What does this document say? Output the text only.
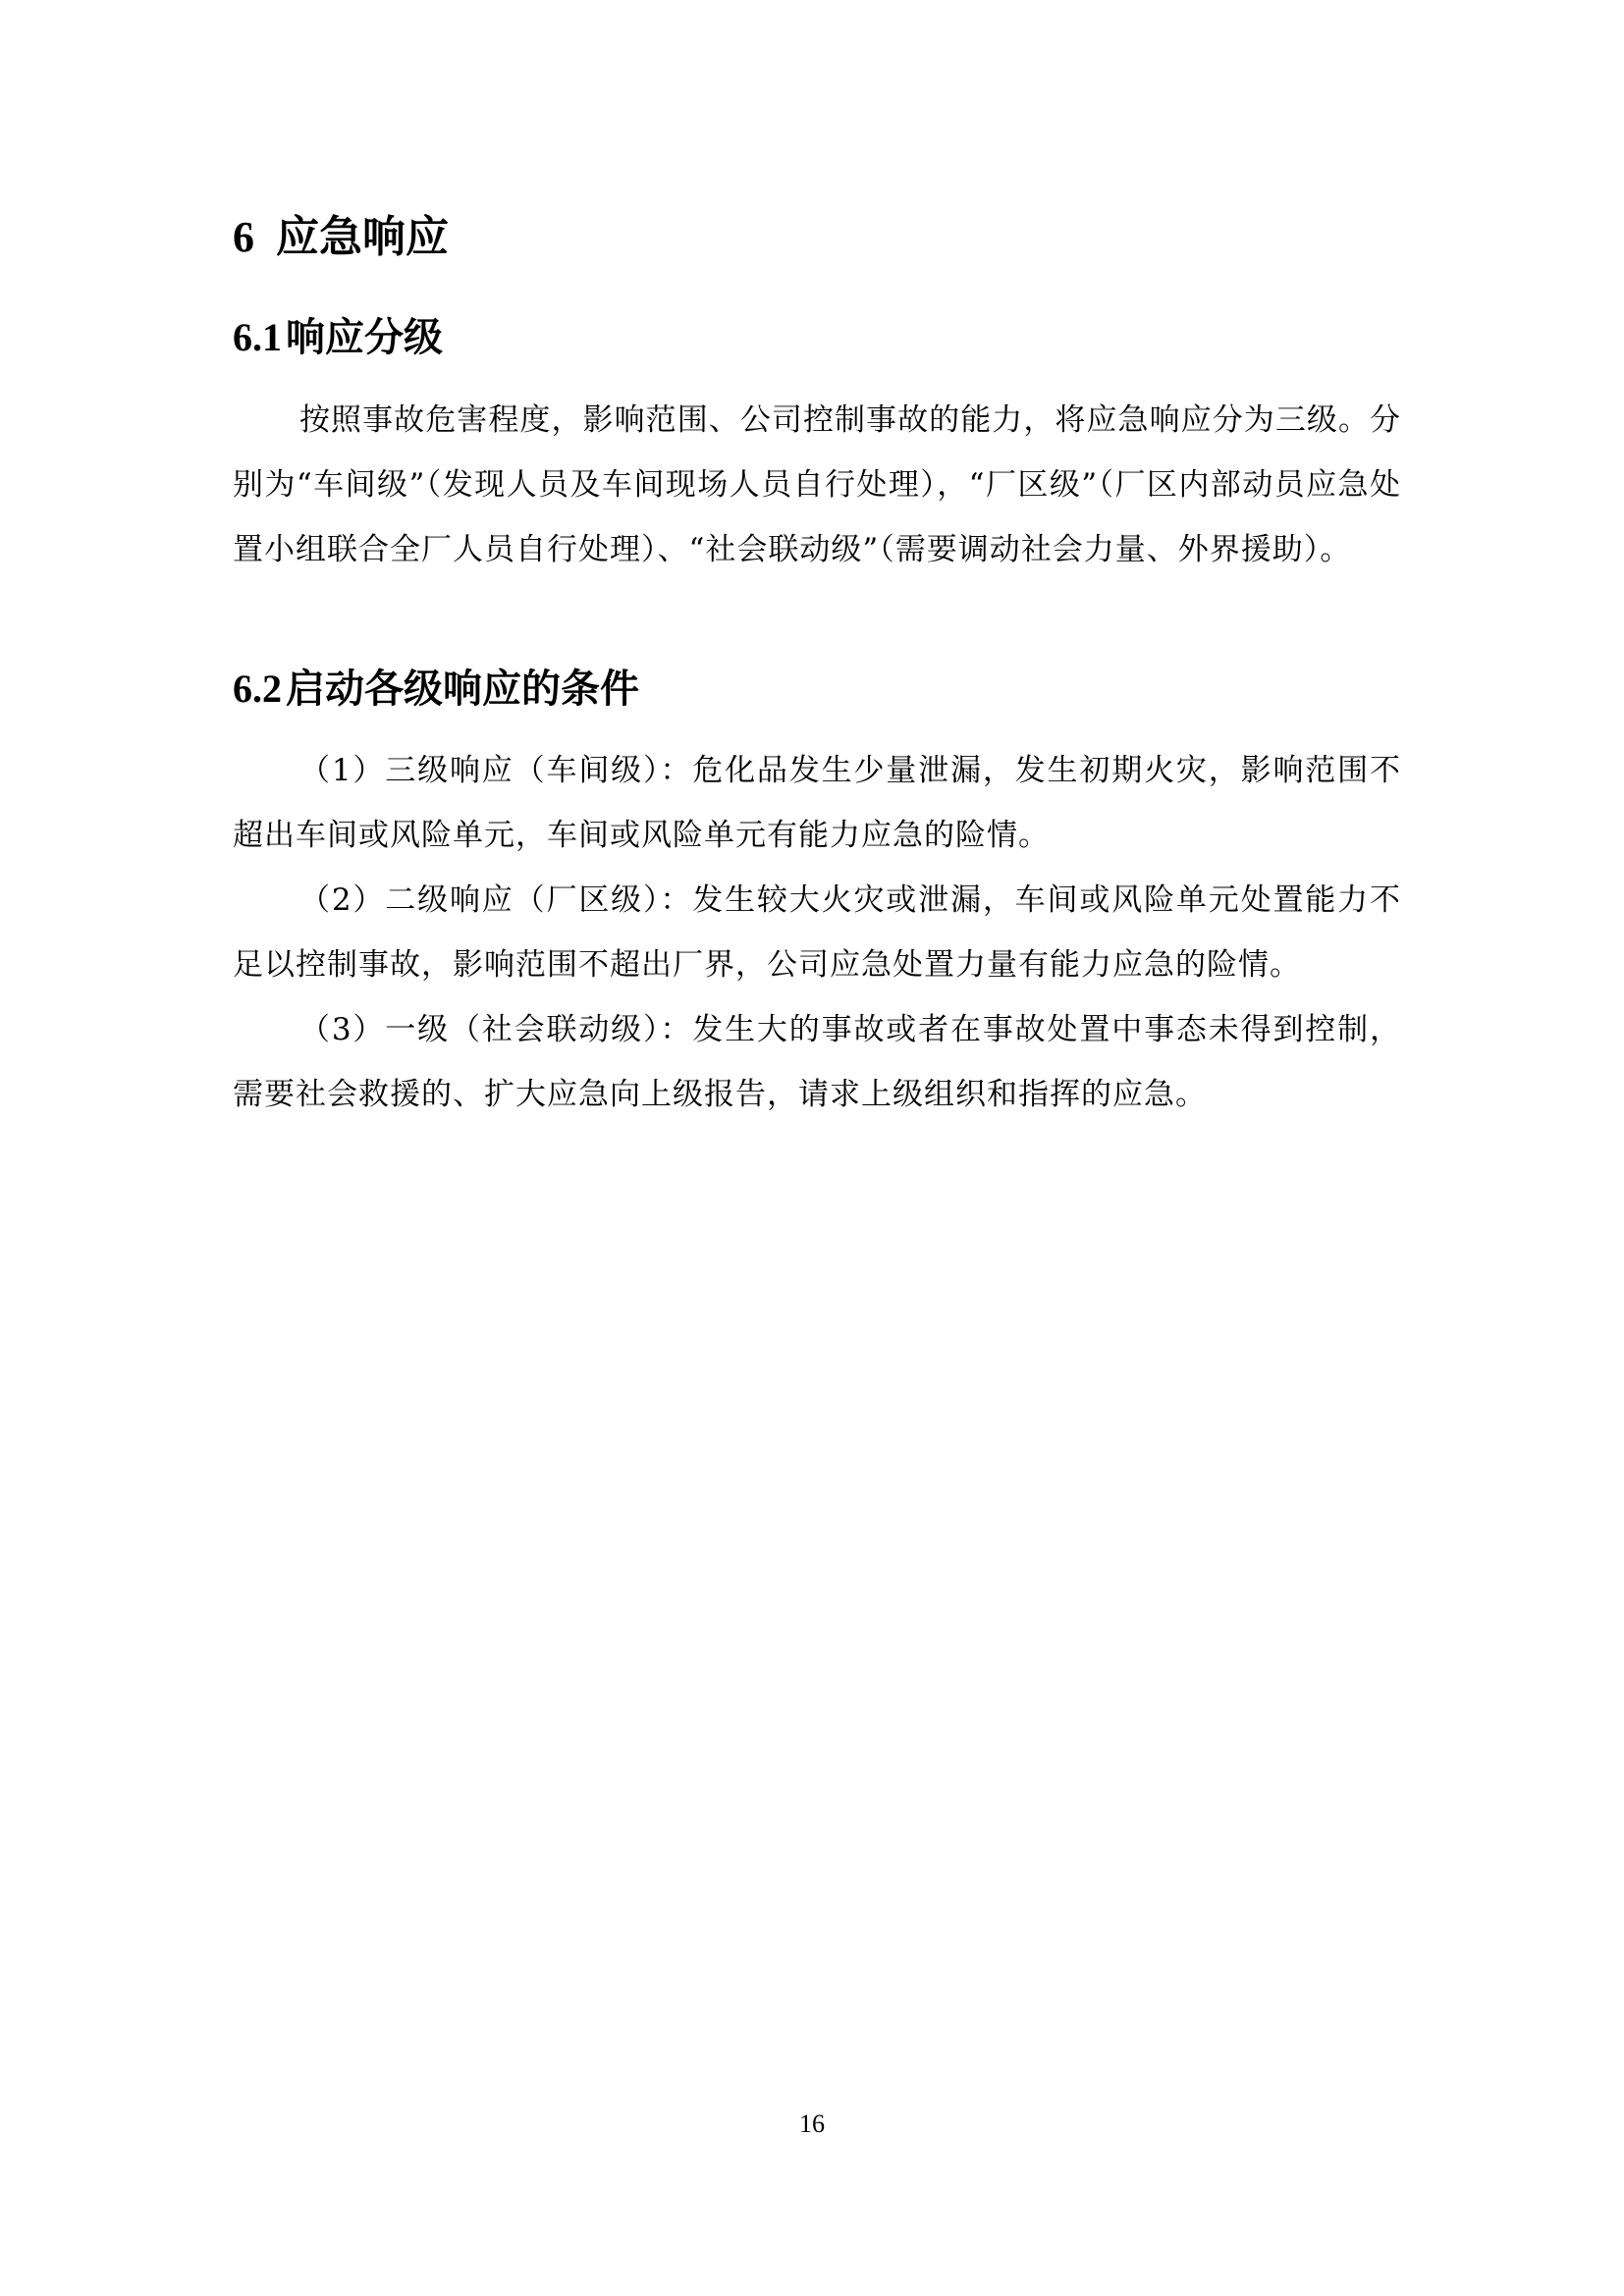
6 应急响应
6.1 响应分级

按照事故危害程度，影响范围、公司控制事故的能力，将应急响应分为三级。分别为“车间级”（发现人员及车间现场人员自行处理），“厂区级”（厂区内部动员应急处置小组联合全厂人员自行处理）、“社会联动级”（需要调动社会力量、外界援助）。

6.2 启动各级响应的条件

（1）三级响应（车间级）：危化品发生少量泄漏，发生初期火灾，影响范围不超出车间或风险单元，车间或风险单元有能力应急的险情。

（2）二级响应（厂区级）：发生较大火灾或泄漏，车间或风险单元处置能力不足以控制事故，影响范围不超出厂界，公司应急处置力量有能力应急的险情。

（3）一级（社会联动级）：发生大的事故或者在事故处置中事态未得到控制，需要社会救援的、扩大应急向上级报告，请求上级组织和指挥的应急。

16
